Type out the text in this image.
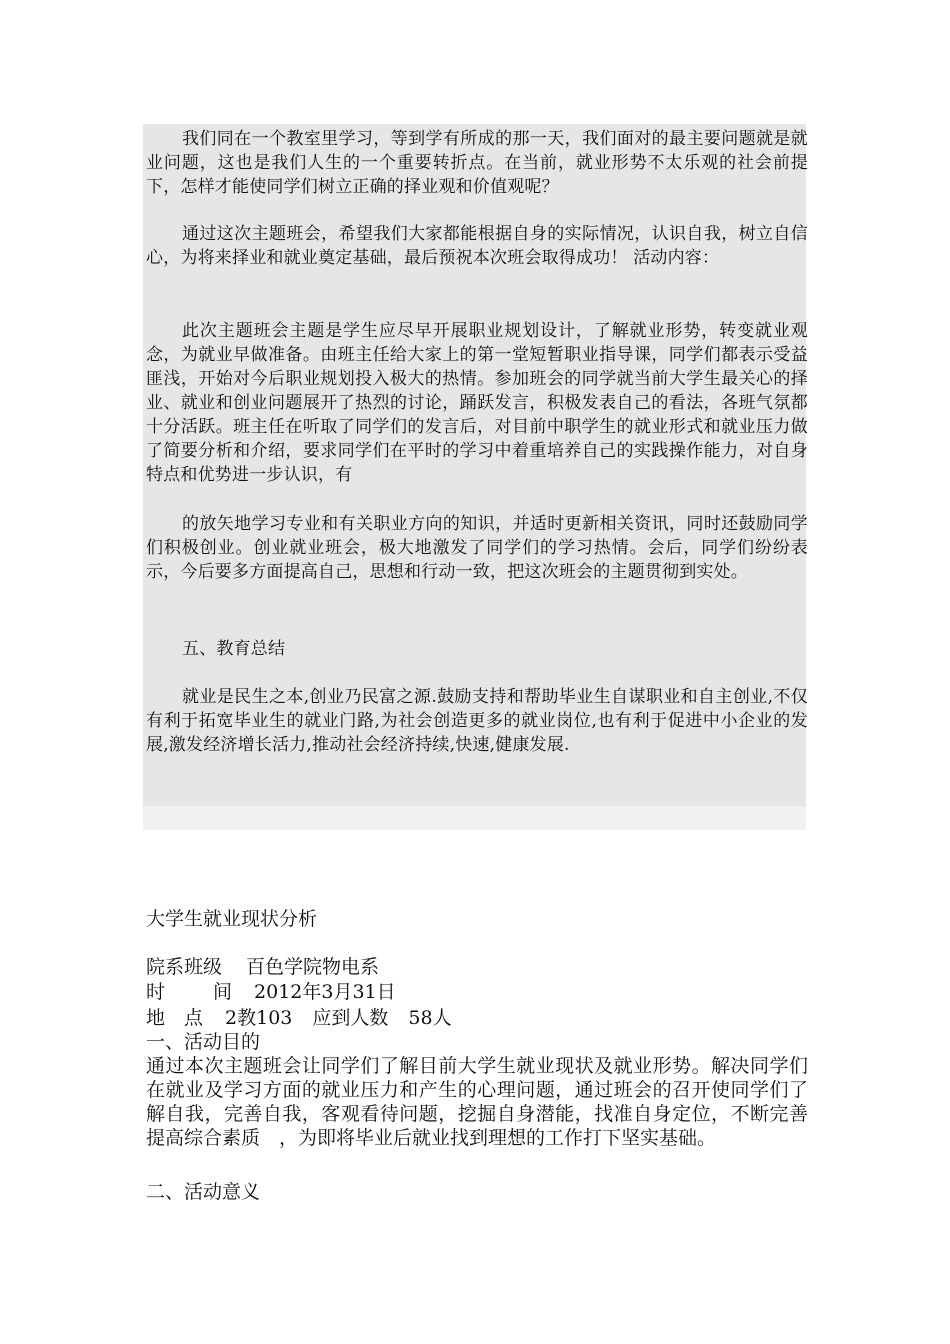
我们同在一个教室里学习，等到学有所成的那一天，我们面对的最主要问题就是就业问题，这也是我们人生的一个重要转折点。在当前，就业形势不太乐观的社会前提下，怎样才能使同学们树立正确的择业观和价值观呢？

通过这次主题班会，希望我们大家都能根据自身的实际情况，认识自我，树立自信心，为将来择业和就业奠定基础，最后预祝本次班会取得成功！ 活动内容：

此次主题班会主题是学生应尽早开展职业规划设计，了解就业形势，转变就业观念，为就业早做准备。由班主任给大家上的第一堂短暂职业指导课，同学们都表示受益匪浅，开始对今后职业规划投入极大的热情。参加班会的同学就当前大学生最关心的择业、就业和创业问题展开了热烈的讨论，踊跃发言，积极发表自己的看法，各班气氛都十分活跃。班主任在听取了同学们的发言后，对目前中职学生的就业形式和就业压力做了简要分析和介绍，要求同学们在平时的学习中着重培养自己的实践操作能力，对自身特点和优势进一步认识，有

的放矢地学习专业和有关职业方向的知识，并适时更新相关资讯，同时还鼓励同学们积极创业。创业就业班会，极大地激发了同学们的学习热情。会后，同学们纷纷表示，今后要多方面提高自己，思想和行动一致，把这次班会的主题贯彻到实处。

五、教育总结

就业是民生之本,创业乃民富之源.鼓励支持和帮助毕业生自谋职业和自主创业,不仅有利于拓宽毕业生的就业门路,为社会创造更多的就业岗位,也有利于促进中小企业的发展,激发经济增长活力,推动社会经济持续,快速,健康发展.

大学生就业现状分析

院系班级 百色学院物电系

时	间 2012年3月31日

地 点 2教103 应到人数 58人

一、活动目的

通过本次主题班会让同学们了解目前大学生就业现状及就业形势。解决同学们在就业及学习方面的就业压力和产生的心理问题，通过班会的召开使同学们了解自我，完善自我，客观看待问题，挖掘自身潜能，找准自身定位，不断完善提高综合素质　，为即将毕业后就业找到理想的工作打下坚实基础。

二、活动意义
